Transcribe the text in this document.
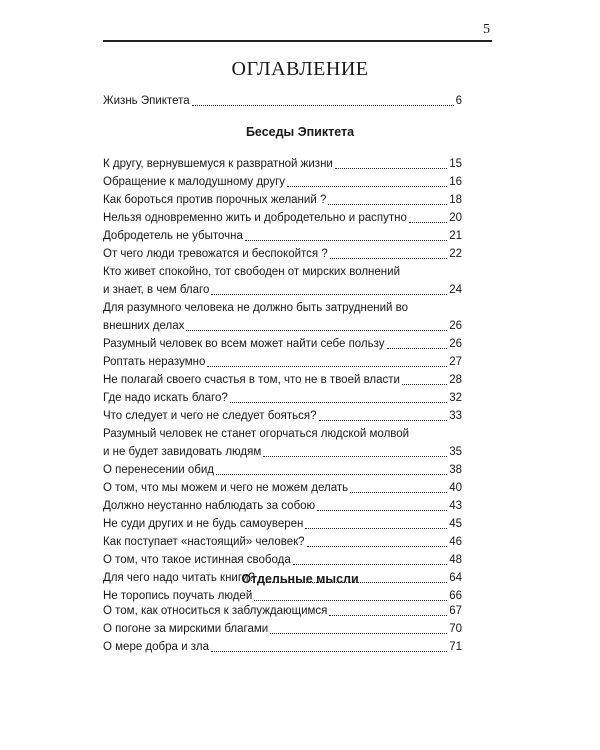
5
ОГЛАВЛЕНИЕ
Жизнь Эпиктета	6
Беседы Эпиктета
К другу, вернувшемуся к развратной жизни	15
Обращение к малодушному другу	16
Как бороться против порочных желаний ?	18
Нельзя одновременно жить и добродетельно и распутно	20
Добродетель не убыточна	21
От чего люди тревожатся и беспокойтся ?	22
Кто живет спокойно, тот свободен от мирских волнений
и знает, в чем благо	24
Для разумного человека не должно быть затруднений во
внешних делах	26
Разумный человек во всем может найти себе пользу	26
Роптать неразумно	27
Не полагай своего счастья в том, что не в твоей власти	28
Где надо искать благо?	32
Что следует и чего не следует бояться?	33
Разумный человек не станет огорчаться людской молвой
и не будет завидовать людям	35
О перенесении обид	38
О том, что мы можем и чего не можем делать	40
Должно неустанно наблюдать за собою	43
Не суди других и не будь самоуверен	45
Как поступает «настоящий» человек?	46
О том, что такое истинная свобода	48
Для чего надо читать книги?	64
Не торопись поучать людей	66
Отдельные мысли
О том, как относиться к заблуждающимся	67
О погоне за мирскими благами	70
О мере добра и зла	71
